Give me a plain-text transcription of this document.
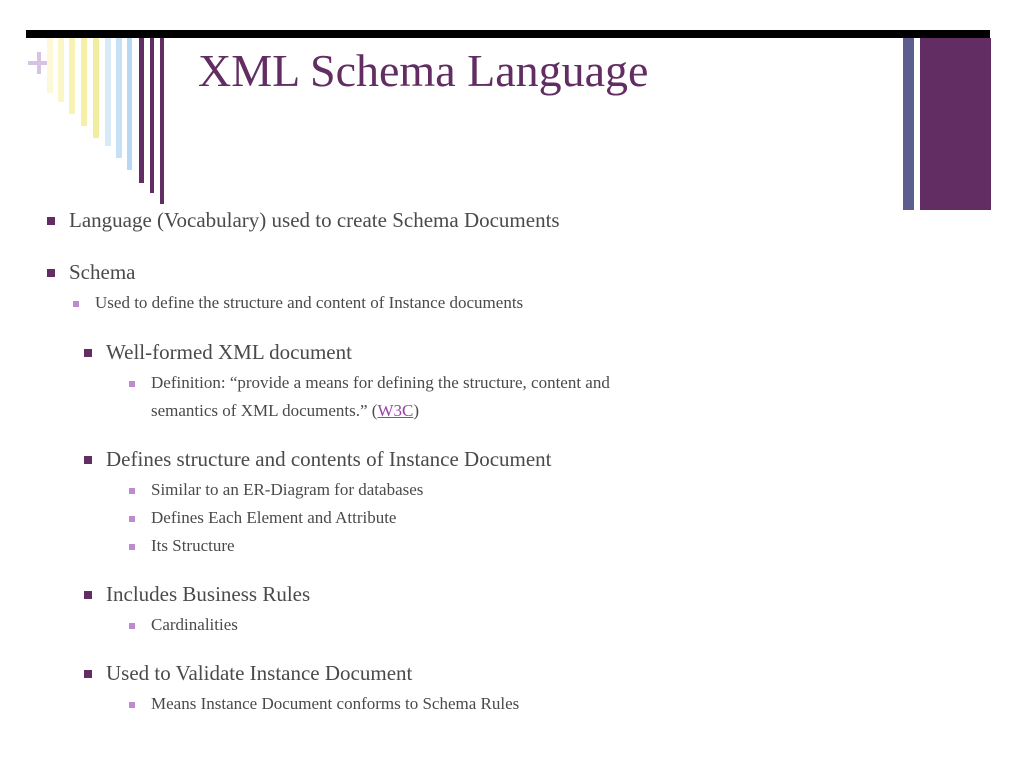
XML Schema Language
Language (Vocabulary) used to create Schema Documents
Schema
Used to define the structure and content of Instance documents
Well-formed XML document
Definition: “provide a means for defining the structure, content and
semantics of XML documents.” (W3C)
Defines structure and contents of Instance Document
Similar to an ER-Diagram for databases
Defines Each Element and Attribute
Its Structure
Includes Business Rules
Cardinalities
Used to Validate Instance Document
Means Instance Document conforms to Schema Rules
